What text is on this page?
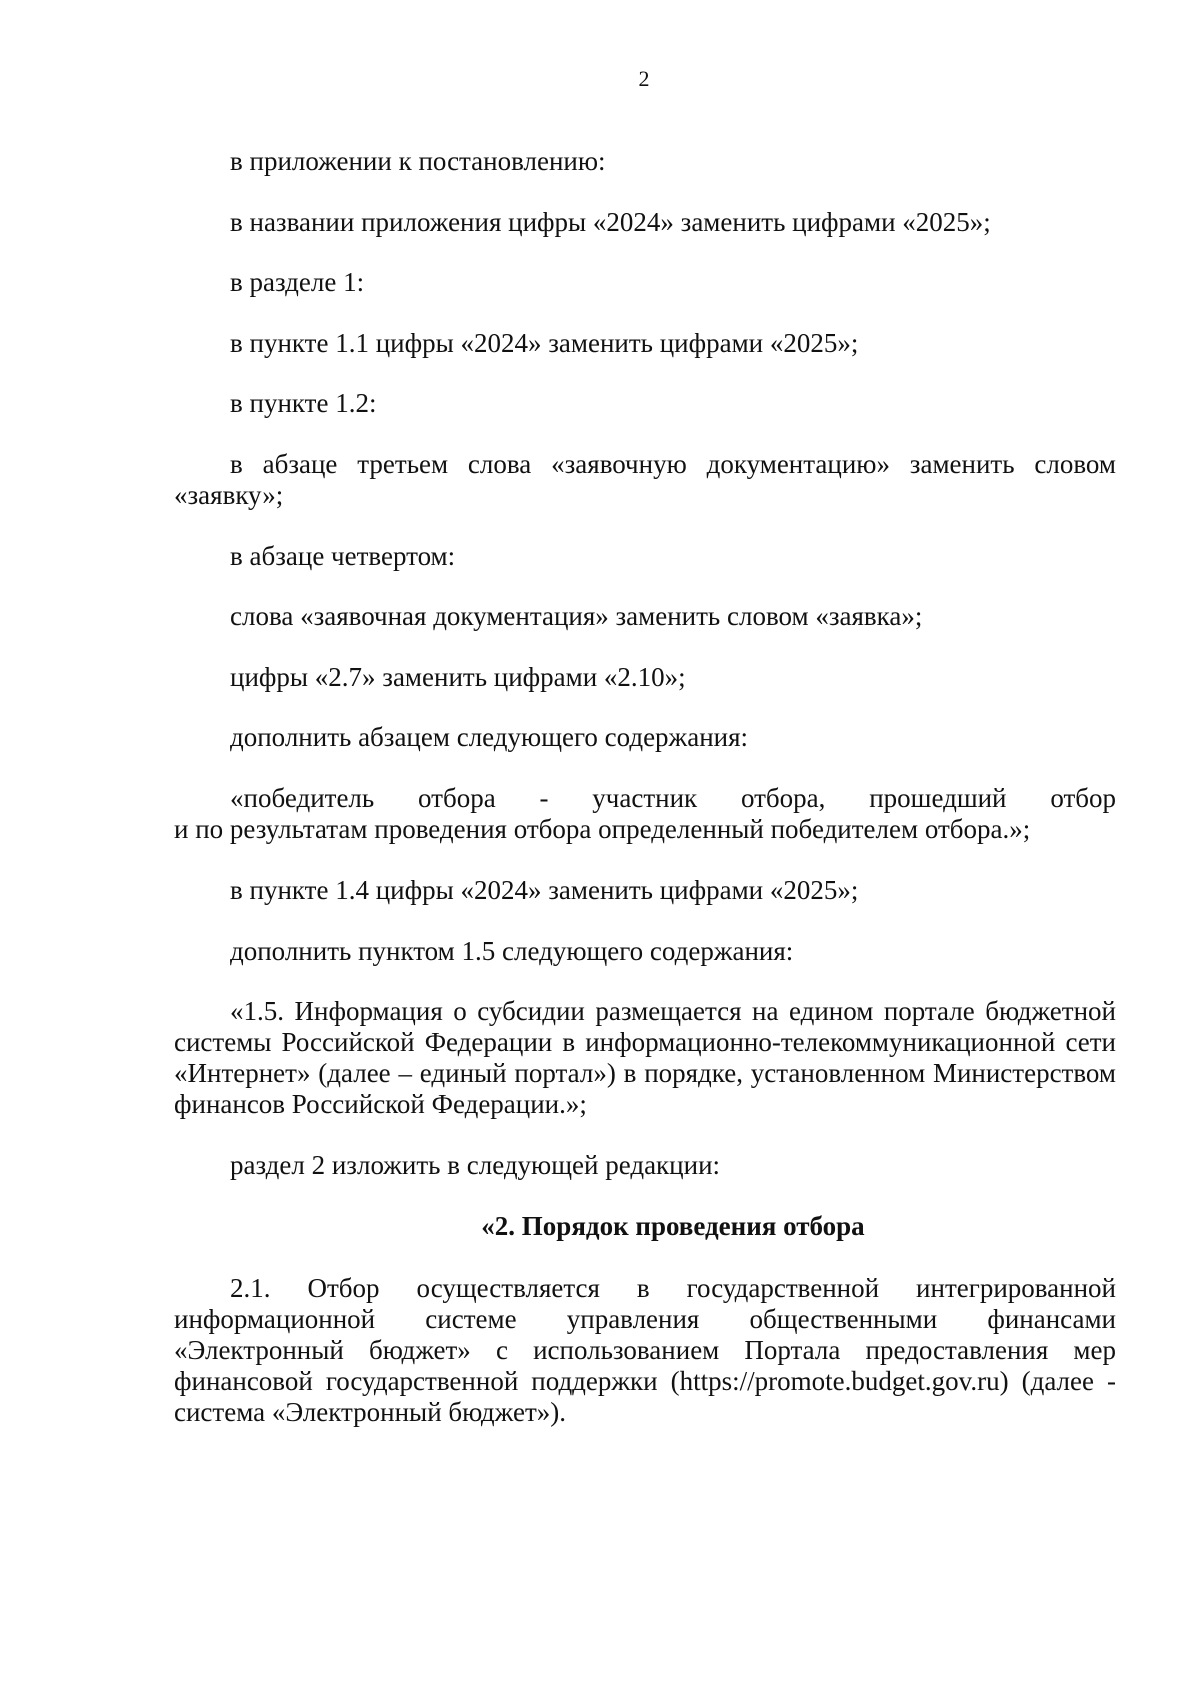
2
в приложении к постановлению:
в названии приложения цифры «2024» заменить цифрами «2025»;
в разделе 1:
в пункте 1.1 цифры «2024» заменить цифрами «2025»;
в пункте 1.2:
в абзаце третьем слова «заявочную документацию» заменить словом «заявку»;
в абзаце четвертом:
слова «заявочная документация» заменить словом «заявка»;
цифры «2.7» заменить цифрами «2.10»;
дополнить абзацем следующего содержания:
«победитель отбора - участник отбора, прошедший отбор
и по результатам проведения отбора определенный победителем отбора.»;
в пункте 1.4 цифры «2024» заменить цифрами «2025»;
дополнить пунктом 1.5 следующего содержания:
«1.5. Информация о субсидии размещается на едином портале бюджетной системы Российской Федерации в информационно-телекоммуникационной сети «Интернет» (далее – единый портал») в порядке, установленном Министерством финансов Российской Федерации.»;
раздел 2 изложить в следующей редакции:
«2. Порядок проведения отбора
2.1. Отбор осуществляется в государственной интегрированной информационной системе управления общественными финансами «Электронный бюджет» с использованием Портала предоставления мер финансовой государственной поддержки (https://promote.budget.gov.ru) (далее - система «Электронный бюджет»).
